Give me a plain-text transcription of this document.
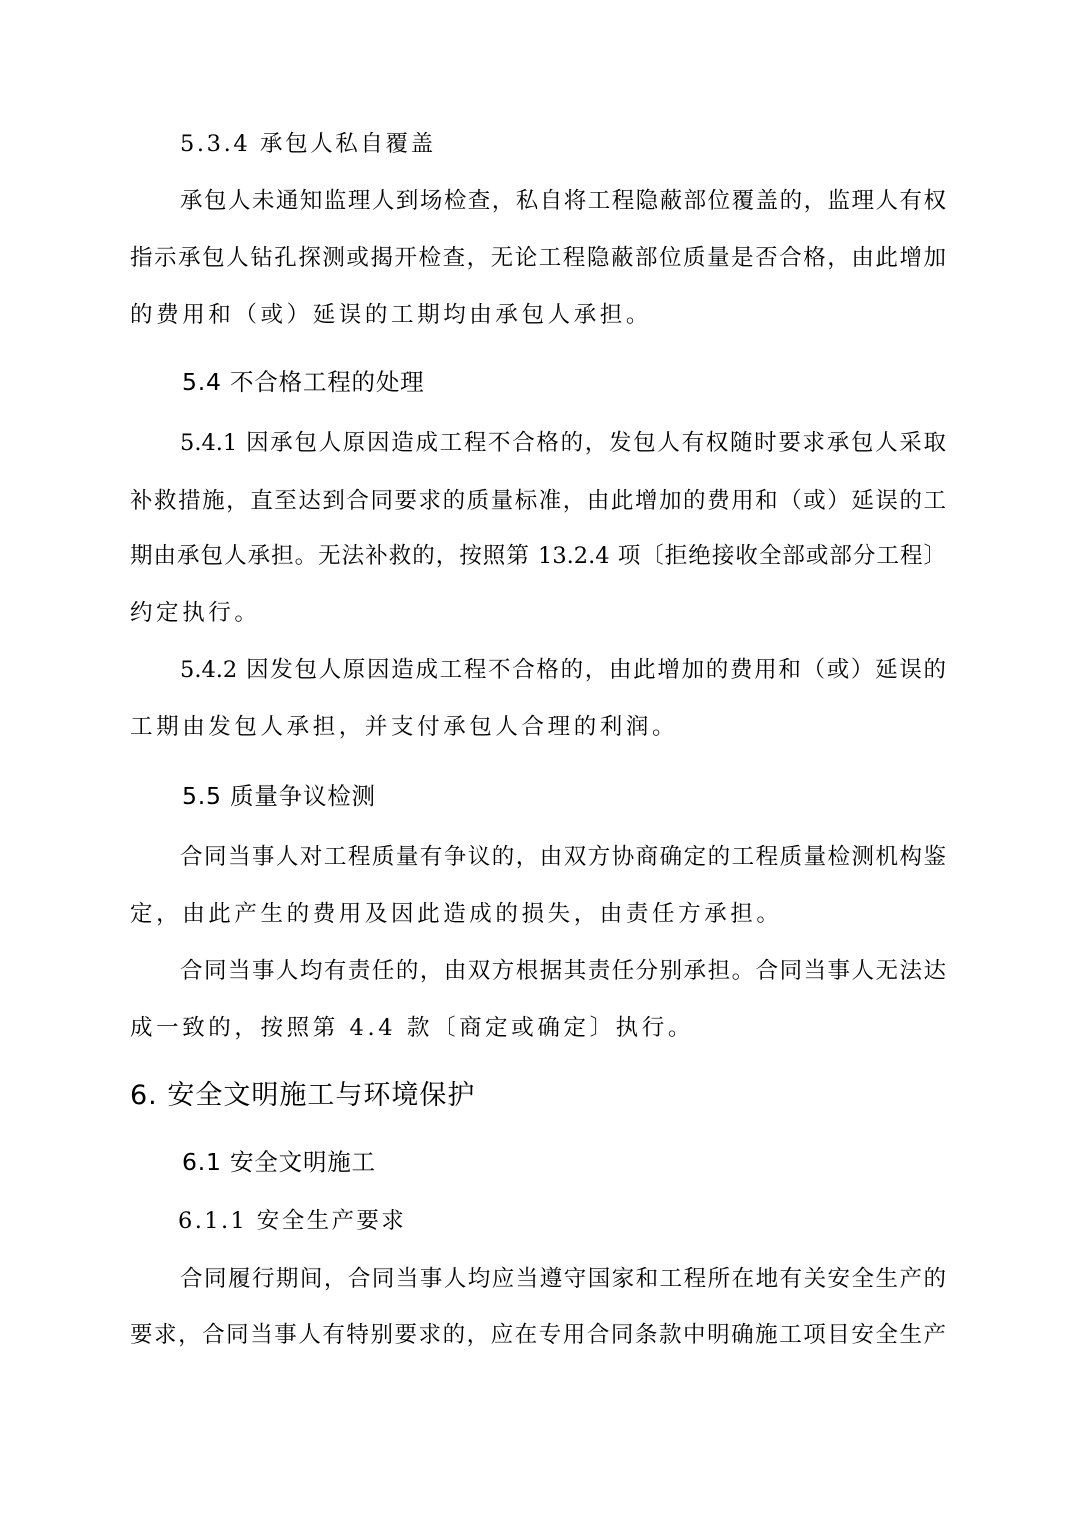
5.3.4 承包人私自覆盖
承包人未通知监理人到场检查，私自将工程隐蔽部位覆盖的，监理人有权
指示承包人钻孔探测或揭开检查，无论工程隐蔽部位质量是否合格，由此增加
的费用和（或）延误的工期均由承包人承担。
5.4 不合格工程的处理
5.4.1 因承包人原因造成工程不合格的，发包人有权随时要求承包人采取
补救措施，直至达到合同要求的质量标准，由此增加的费用和（或）延误的工
期由承包人承担。无法补救的，按照第 13.2.4 项〔拒绝接收全部或部分工程〕
约定执行。
5.4.2 因发包人原因造成工程不合格的，由此增加的费用和（或）延误的
工期由发包人承担，并支付承包人合理的利润。
5.5 质量争议检测
合同当事人对工程质量有争议的，由双方协商确定的工程质量检测机构鉴
定，由此产生的费用及因此造成的损失，由责任方承担。
合同当事人均有责任的，由双方根据其责任分别承担。合同当事人无法达
成一致的，按照第 4.4 款〔商定或确定〕执行。
6. 安全文明施工与环境保护
6.1 安全文明施工
6.1.1 安全生产要求
合同履行期间，合同当事人均应当遵守国家和工程所在地有关安全生产的
要求，合同当事人有特别要求的，应在专用合同条款中明确施工项目安全生产
